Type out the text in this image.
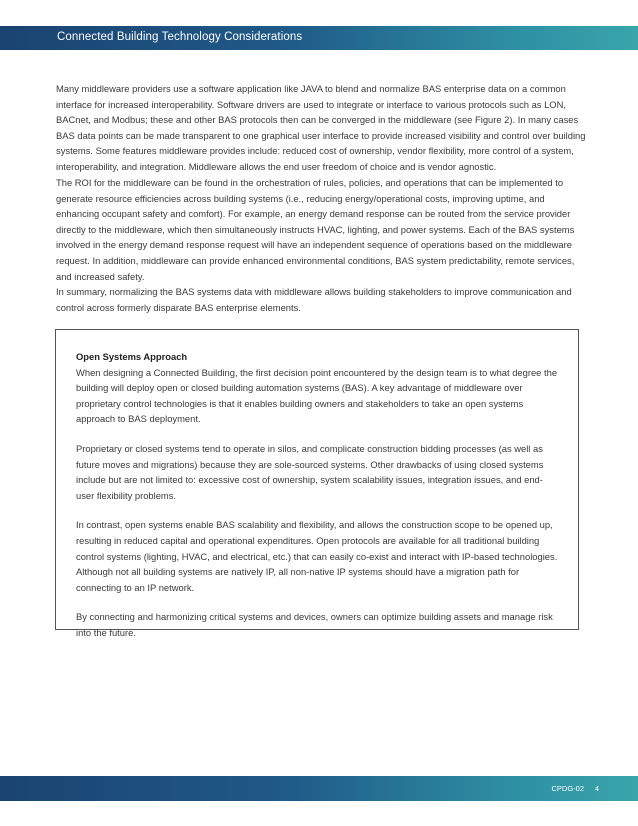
Connected Building Technology Considerations

Many middleware providers use a software application like JAVA to blend and normalize BAS enterprise data on a common interface for increased interoperability. Software drivers are used to integrate or interface to various protocols such as LON, BACnet, and Modbus; these and other BAS protocols then can be converged in the middleware (see Figure 2). In many cases BAS data points can be made transparent to one graphical user interface to provide increased visibility and control over building systems. Some features middleware provides include: reduced cost of ownership, vendor flexibility, more control of a system, interoperability, and integration. Middleware allows the end user freedom of choice and is vendor agnostic.

The ROI for the middleware can be found in the orchestration of rules, policies, and operations that can be implemented to generate resource efficiencies across building systems (i.e., reducing energy/operational costs, improving uptime, and enhancing occupant safety and comfort). For example, an energy demand response can be routed from the service provider directly to the middleware, which then simultaneously instructs HVAC, lighting, and power systems. Each of the BAS systems involved in the energy demand response request will have an independent sequence of operations based on the middleware request. In addition, middleware can provide enhanced environmental conditions, BAS system predictability, remote services, and increased safety.

In summary, normalizing the BAS systems data with middleware allows building stakeholders to improve communication and control across formerly disparate BAS enterprise elements.

Open Systems Approach

When designing a Connected Building, the first decision point encountered by the design team is to what degree the building will deploy open or closed building automation systems (BAS). A key advantage of middleware over proprietary control technologies is that it enables building owners and stakeholders to take an open systems approach to BAS deployment.

Proprietary or closed systems tend to operate in silos, and complicate construction bidding processes (as well as future moves and migrations) because they are sole-sourced systems. Other drawbacks of using closed systems include but are not limited to: excessive cost of ownership, system scalability issues, integration issues, and end-user flexibility problems.

In contrast, open systems enable BAS scalability and flexibility, and allows the construction scope to be opened up, resulting in reduced capital and operational expenditures. Open protocols are available for all traditional building control systems (lighting, HVAC, and electrical, etc.) that can easily co-exist and interact with IP-based technologies. Although not all building systems are natively IP, all non-native IP systems should have a migration path for connecting to an IP network.

By connecting and harmonizing critical systems and devices, owners can optimize building assets and manage risk into the future.

CPDG-02 4
